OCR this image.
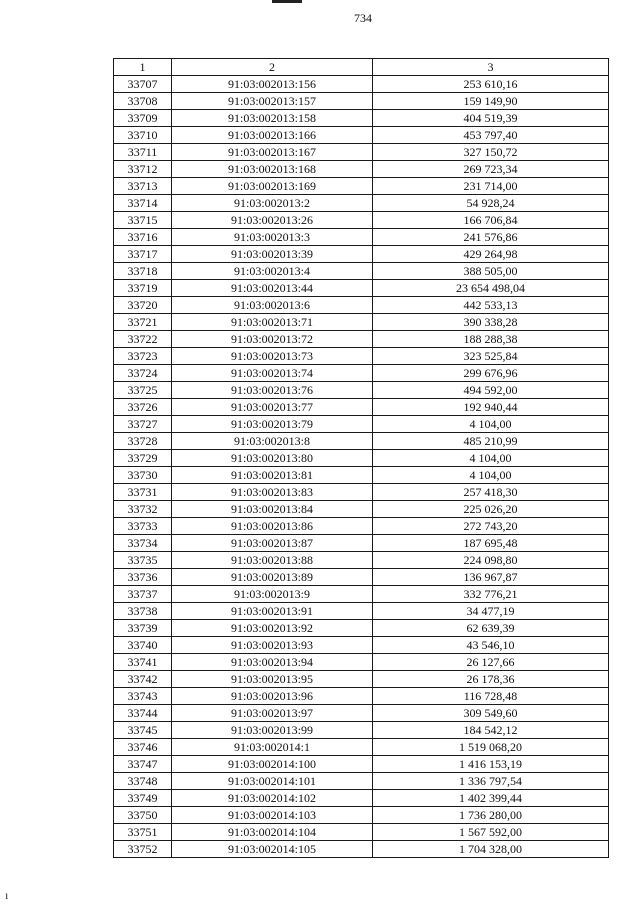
734
1	2	3
33707	91:03:002013:156	253 610,16
33708	91:03:002013:157	159 149,90
33709	91:03:002013:158	404 519,39
33710	91:03:002013:166	453 797,40
33711	91:03:002013:167	327 150,72
33712	91:03:002013:168	269 723,34
33713	91:03:002013:169	231 714,00
33714	91:03:002013:2	54 928,24
33715	91:03:002013:26	166 706,84
33716	91:03:002013:3	241 576,86
33717	91:03:002013:39	429 264,98
33718	91:03:002013:4	388 505,00
33719	91:03:002013:44	23 654 498,04
33720	91:03:002013:6	442 533,13
33721	91:03:002013:71	390 338,28
33722	91:03:002013:72	188 288,38
33723	91:03:002013:73	323 525,84
33724	91:03:002013:74	299 676,96
33725	91:03:002013:76	494 592,00
33726	91:03:002013:77	192 940,44
33727	91:03:002013:79	4 104,00
33728	91:03:002013:8	485 210,99
33729	91:03:002013:80	4 104,00
33730	91:03:002013:81	4 104,00
33731	91:03:002013:83	257 418,30
33732	91:03:002013:84	225 026,20
33733	91:03:002013:86	272 743,20
33734	91:03:002013:87	187 695,48
33735	91:03:002013:88	224 098,80
33736	91:03:002013:89	136 967,87
33737	91:03:002013:9	332 776,21
33738	91:03:002013:91	34 477,19
33739	91:03:002013:92	62 639,39
33740	91:03:002013:93	43 546,10
33741	91:03:002013:94	26 127,66
33742	91:03:002013:95	26 178,36
33743	91:03:002013:96	116 728,48
33744	91:03:002013:97	309 549,60
33745	91:03:002013:99	184 542,12
33746	91:03:002014:1	1 519 068,20
33747	91:03:002014:100	1 416 153,19
33748	91:03:002014:101	1 336 797,54
33749	91:03:002014:102	1 402 399,44
33750	91:03:002014:103	1 736 280,00
33751	91:03:002014:104	1 567 592,00
33752	91:03:002014:105	1 704 328,00
ı
